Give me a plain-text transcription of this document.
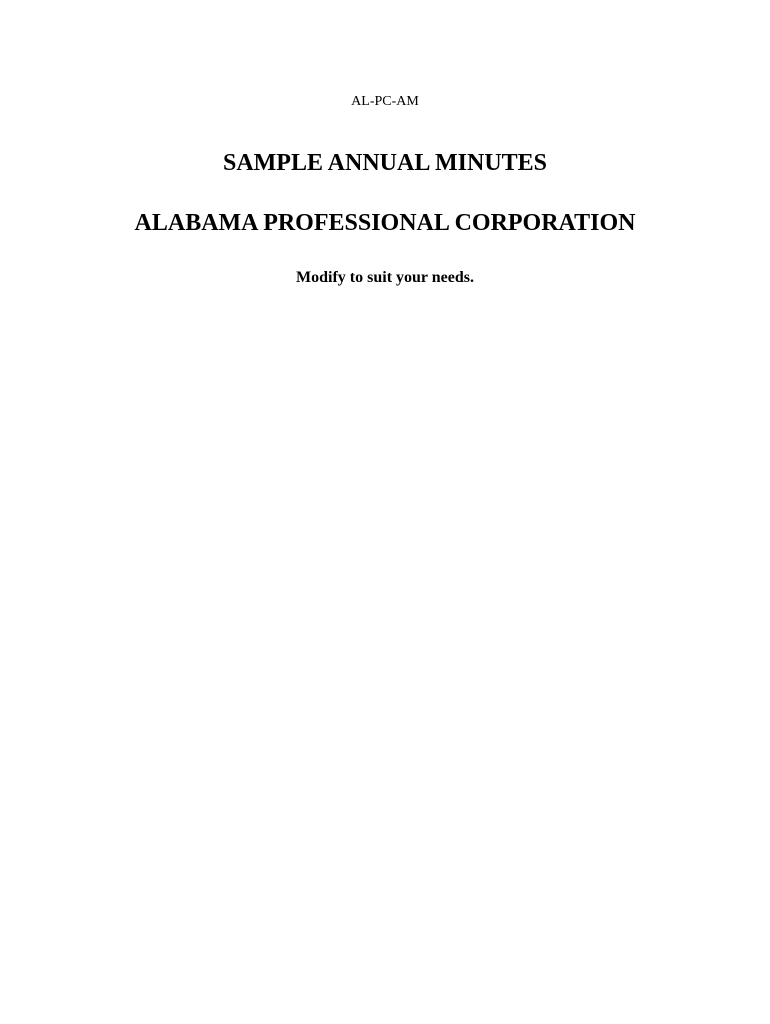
AL-PC-AM
SAMPLE ANNUAL MINUTES
ALABAMA PROFESSIONAL CORPORATION
Modify to suit your needs.
